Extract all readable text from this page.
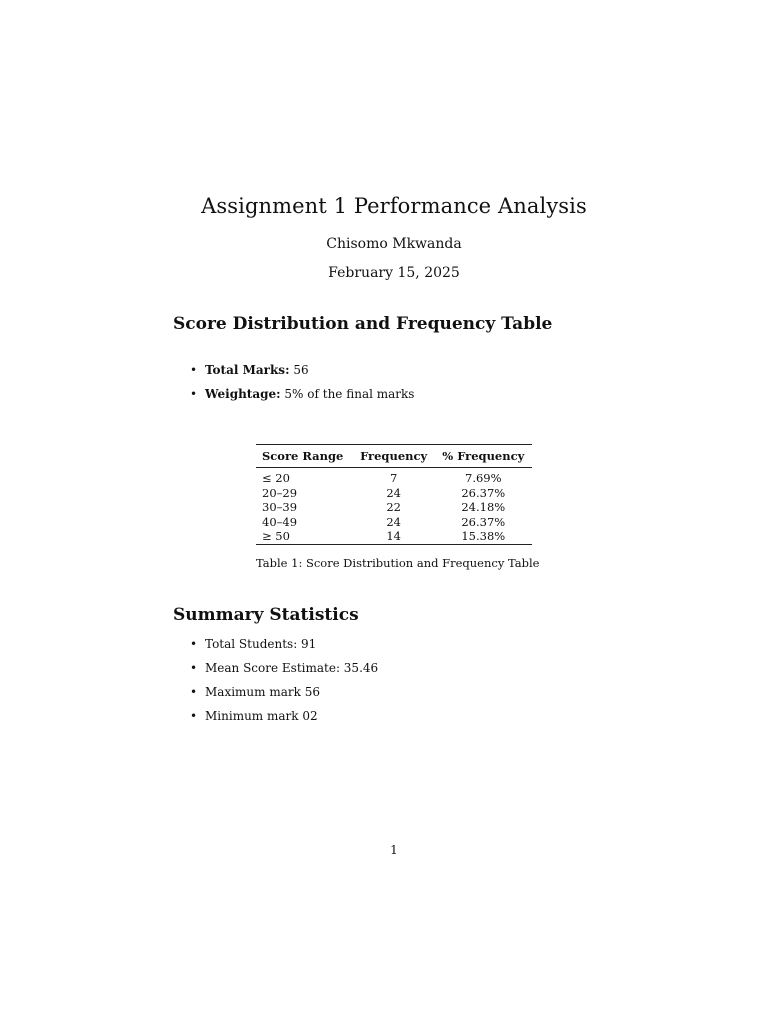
Assignment 1 Performance Analysis
Chisomo Mkwanda
February 15, 2025
Score Distribution and Frequency Table
• Total Marks: 56
• Weightage: 5% of the final marks
Score Range	Frequency	% Frequency
≤ 20	7	7.69%
20–29	24	26.37%
30–39	22	24.18%
40–49	24	26.37%
≥ 50	14	15.38%
Table 1: Score Distribution and Frequency Table
Summary Statistics
• Total Students: 91
• Mean Score Estimate: 35.46
• Maximum mark 56
• Minimum mark 02
1
